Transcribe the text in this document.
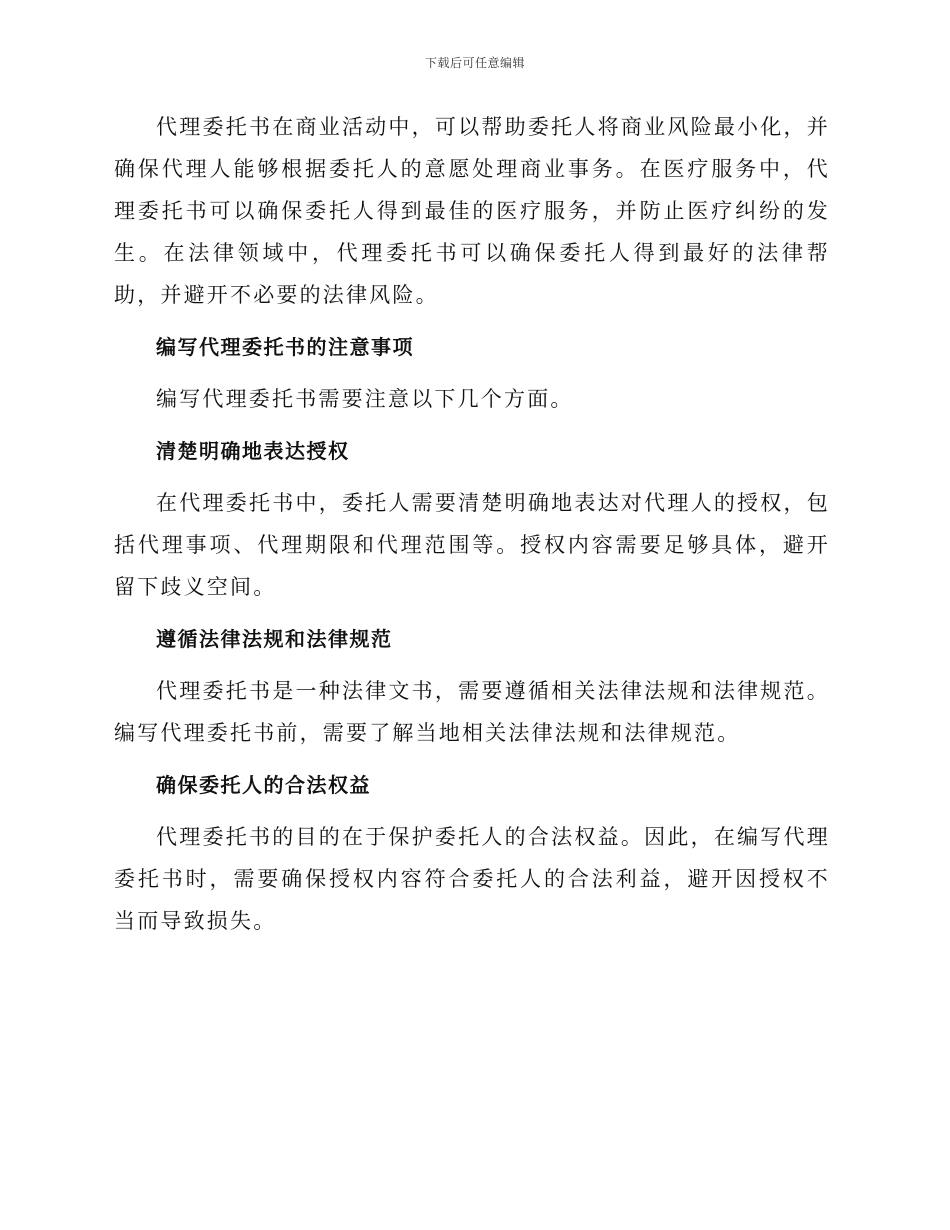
下载后可任意编辑

代理委托书在商业活动中，可以帮助委托人将商业风险最小化，并确保代理人能够根据委托人的意愿处理商业事务。在医疗服务中，代理委托书可以确保委托人得到最佳的医疗服务，并防止医疗纠纷的发生。在法律领域中，代理委托书可以确保委托人得到最好的法律帮助，并避开不必要的法律风险。

编写代理委托书的注意事项

编写代理委托书需要注意以下几个方面。

清楚明确地表达授权

在代理委托书中，委托人需要清楚明确地表达对代理人的授权，包括代理事项、代理期限和代理范围等。授权内容需要足够具体，避开留下歧义空间。

遵循法律法规和法律规范

代理委托书是一种法律文书，需要遵循相关法律法规和法律规范。编写代理委托书前，需要了解当地相关法律法规和法律规范。

确保委托人的合法权益

代理委托书的目的在于保护委托人的合法权益。因此，在编写代理委托书时，需要确保授权内容符合委托人的合法利益，避开因授权不当而导致损失。
